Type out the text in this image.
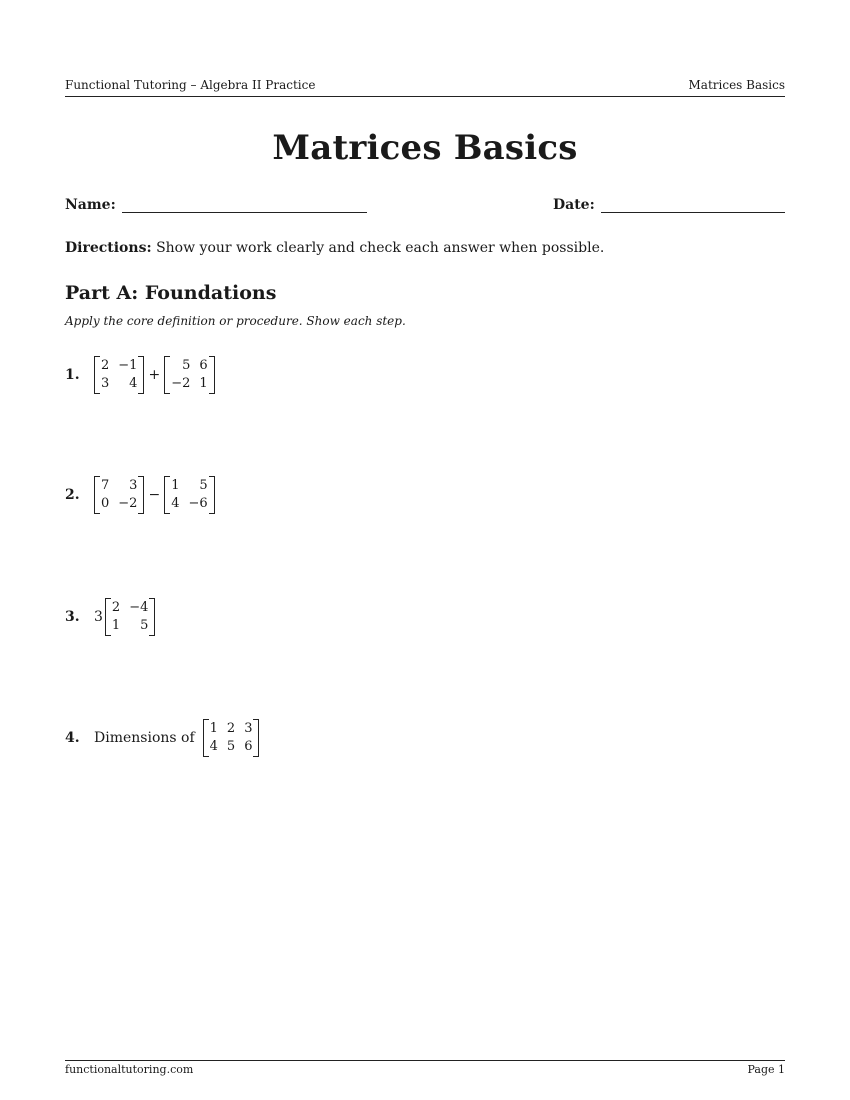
Functional Tutoring – Algebra II Practice	Matrices Basics
Matrices Basics
Name:	Date:
Directions: Show your work clearly and check each answer when possible.
Part A: Foundations
Apply the core definition or procedure. Show each step.
1.
2 −1
3	4
+
5 6
−2 1
2.
7	3
0 −2
−
1	5
4 −6
3.	3
2 −4
1	5
4.	Dimensions of
1 2 3
4 5 6
functionaltutoring.com	Page 1
